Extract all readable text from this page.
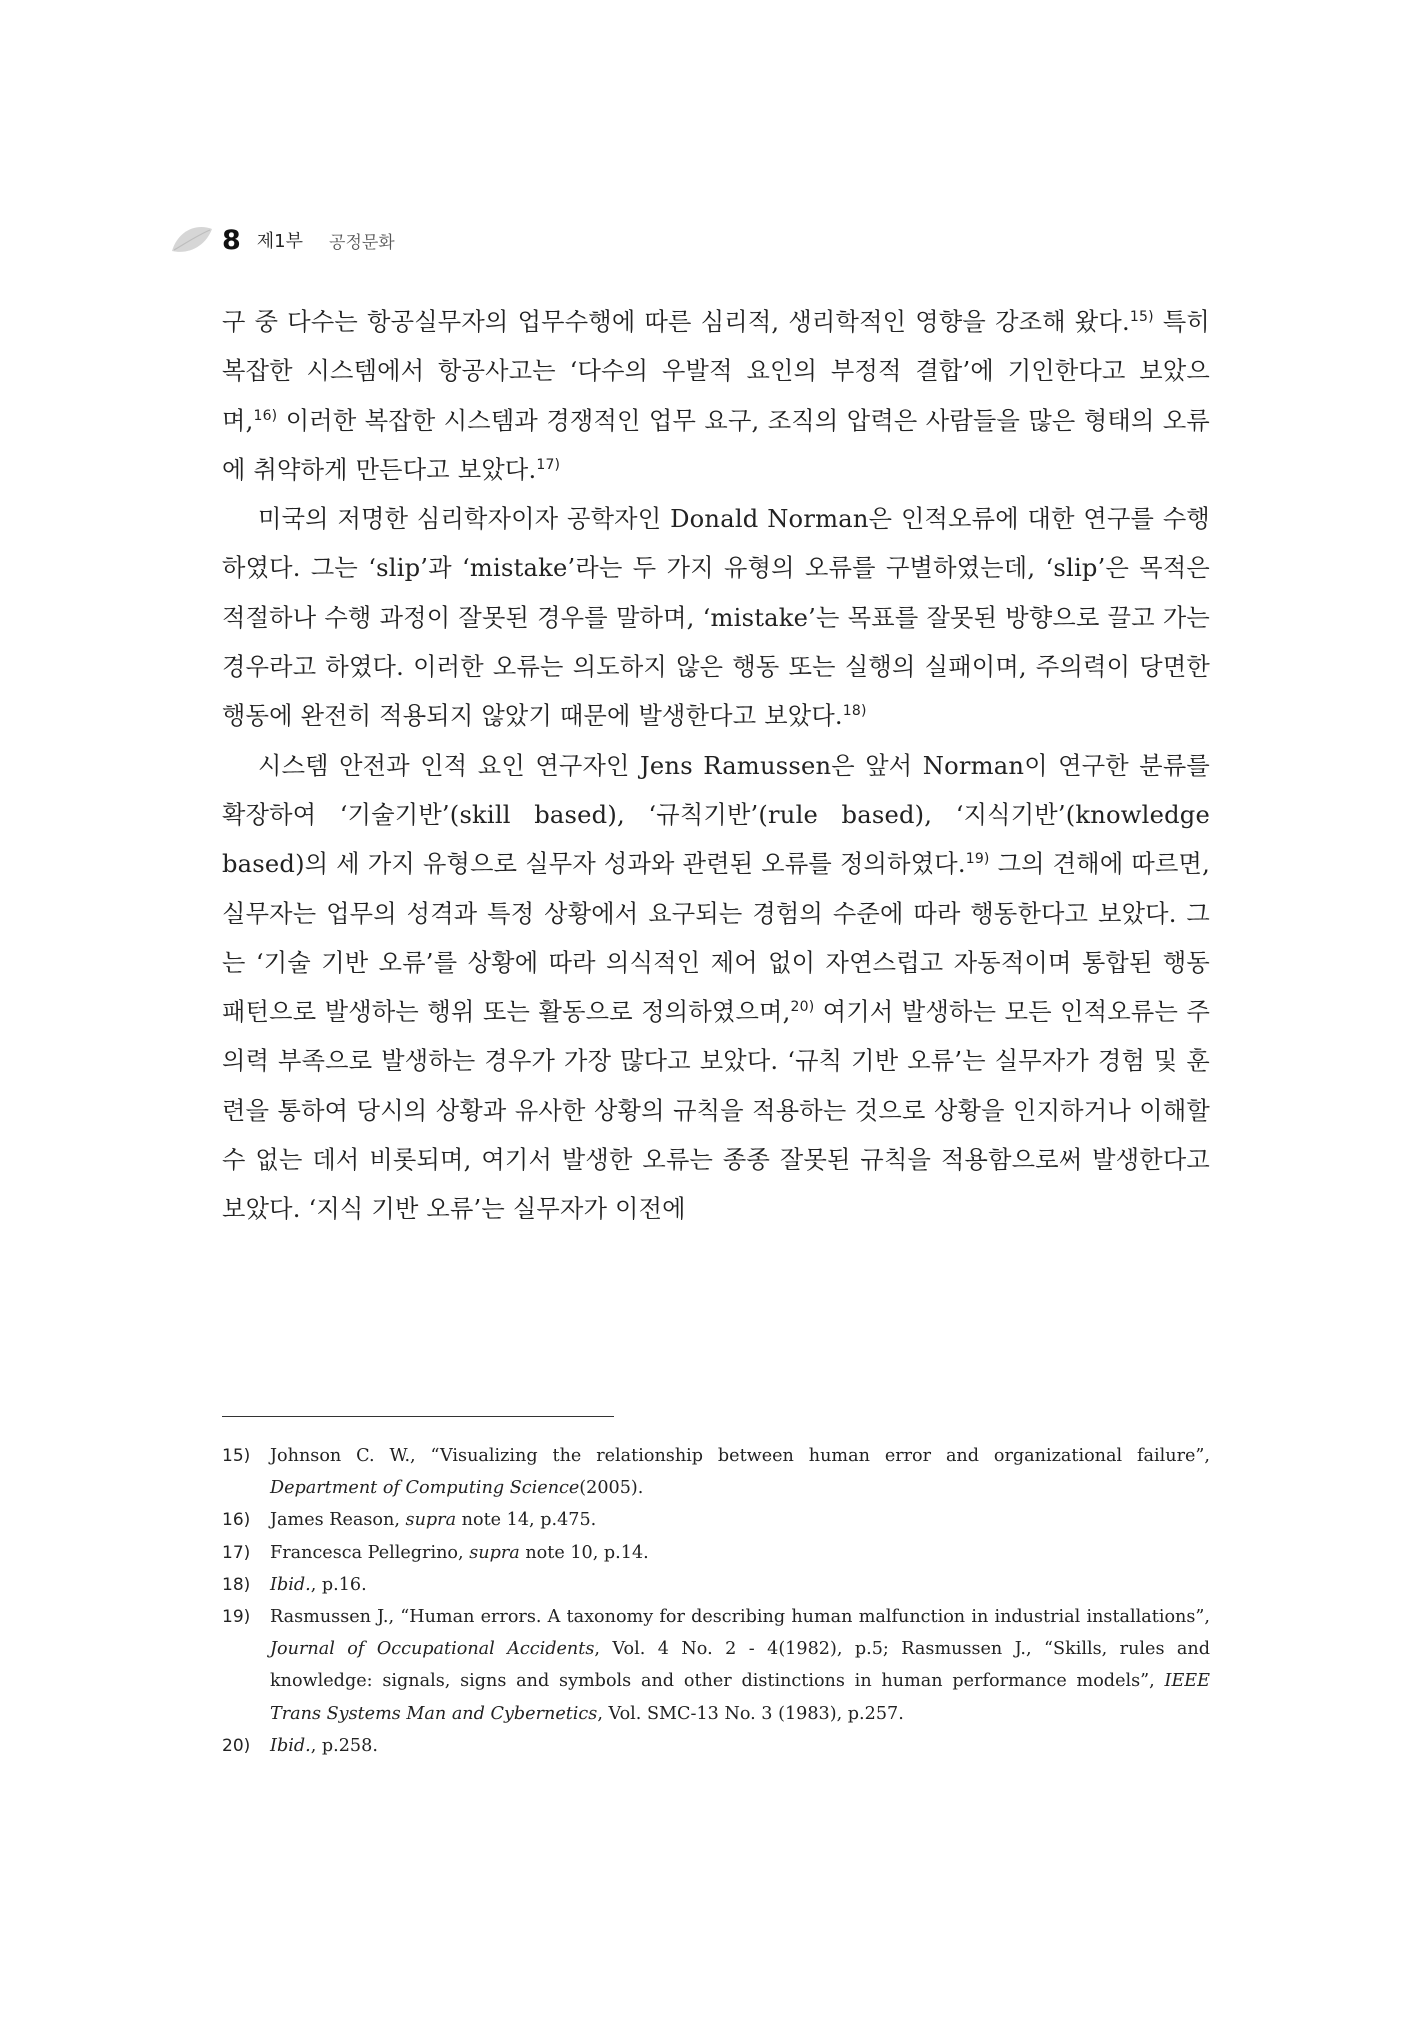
8 제1부 공정문화

구 중 다수는 항공실무자의 업무수행에 따른 심리적, 생리학적인 영향을 강조해 왔다.$^{15)}$ 특히 복잡한 시스템에서 항공사고는 ‘다수의 우발적 요인의 부정적 결합’에 기인한다고 보았으며,$^{16)}$ 이러한 복잡한 시스템과 경쟁적인 업무 요구, 조직의 압력은 사람들을 많은 형태의 오류에 취약하게 만든다고 보았다.$^{17)}$

미국의 저명한 심리학자이자 공학자인 Donald Norman은 인적오류에 대한 연구를 수행하였다. 그는 ‘slip’과 ‘mistake’라는 두 가지 유형의 오류를 구별하였는데, ‘slip’은 목적은 적절하나 수행 과정이 잘못된 경우를 말하며, ‘mistake’는 목표를 잘못된 방향으로 끌고 가는 경우라고 하였다. 이러한 오류는 의도하지 않은 행동 또는 실행의 실패이며, 주의력이 당면한 행동에 완전히 적용되지 않았기 때문에 발생한다고 보았다.$^{18)}$

시스템 안전과 인적 요인 연구자인 Jens Ramussen은 앞서 Norman이 연구한 분류를 확장하여 ‘기술기반’(skill based), ‘규칙기반’(rule based), ‘지식기반’(knowledge based)의 세 가지 유형으로 실무자 성과와 관련된 오류를 정의하였다.$^{19)}$ 그의 견해에 따르면, 실무자는 업무의 성격과 특정 상황에서 요구되는 경험의 수준에 따라 행동한다고 보았다. 그는 ‘기술 기반 오류’를 상황에 따라 의식적인 제어 없이 자연스럽고 자동적이며 통합된 행동 패턴으로 발생하는 행위 또는 활동으로 정의하였으며,$^{20)}$ 여기서 발생하는 모든 인적오류는 주의력 부족으로 발생하는 경우가 가장 많다고 보았다. ‘규칙 기반 오류’는 실무자가 경험 및 훈련을 통하여 당시의 상황과 유사한 상황의 규칙을 적용하는 것으로 상황을 인지하거나 이해할 수 없는 데서 비롯되며, 여기서 발생한 오류는 종종 잘못된 규칙을 적용함으로써 발생한다고 보았다. ‘지식 기반 오류’는 실무자가 이전에

15)	Johnson C. W., “Visualizing the relationship between human error and organizational failure”, Department of Computing Science(2005).
16)	James Reason, supra note 14, p.475.
17)	Francesca Pellegrino, supra note 10, p.14.
18)	Ibid., p.16.
19)	Rasmussen J., “Human errors. A taxonomy for describing human malfunction in industrial installations”, Journal of Occupational Accidents, Vol. 4 No. 2 - 4(1982), p.5; Rasmussen J., “Skills, rules and knowledge: signals, signs and symbols and other distinctions in human performance models”, IEEE Trans Systems Man and Cybernetics, Vol. SMC-13 No. 3 (1983), p.257.
20)	Ibid., p.258.
